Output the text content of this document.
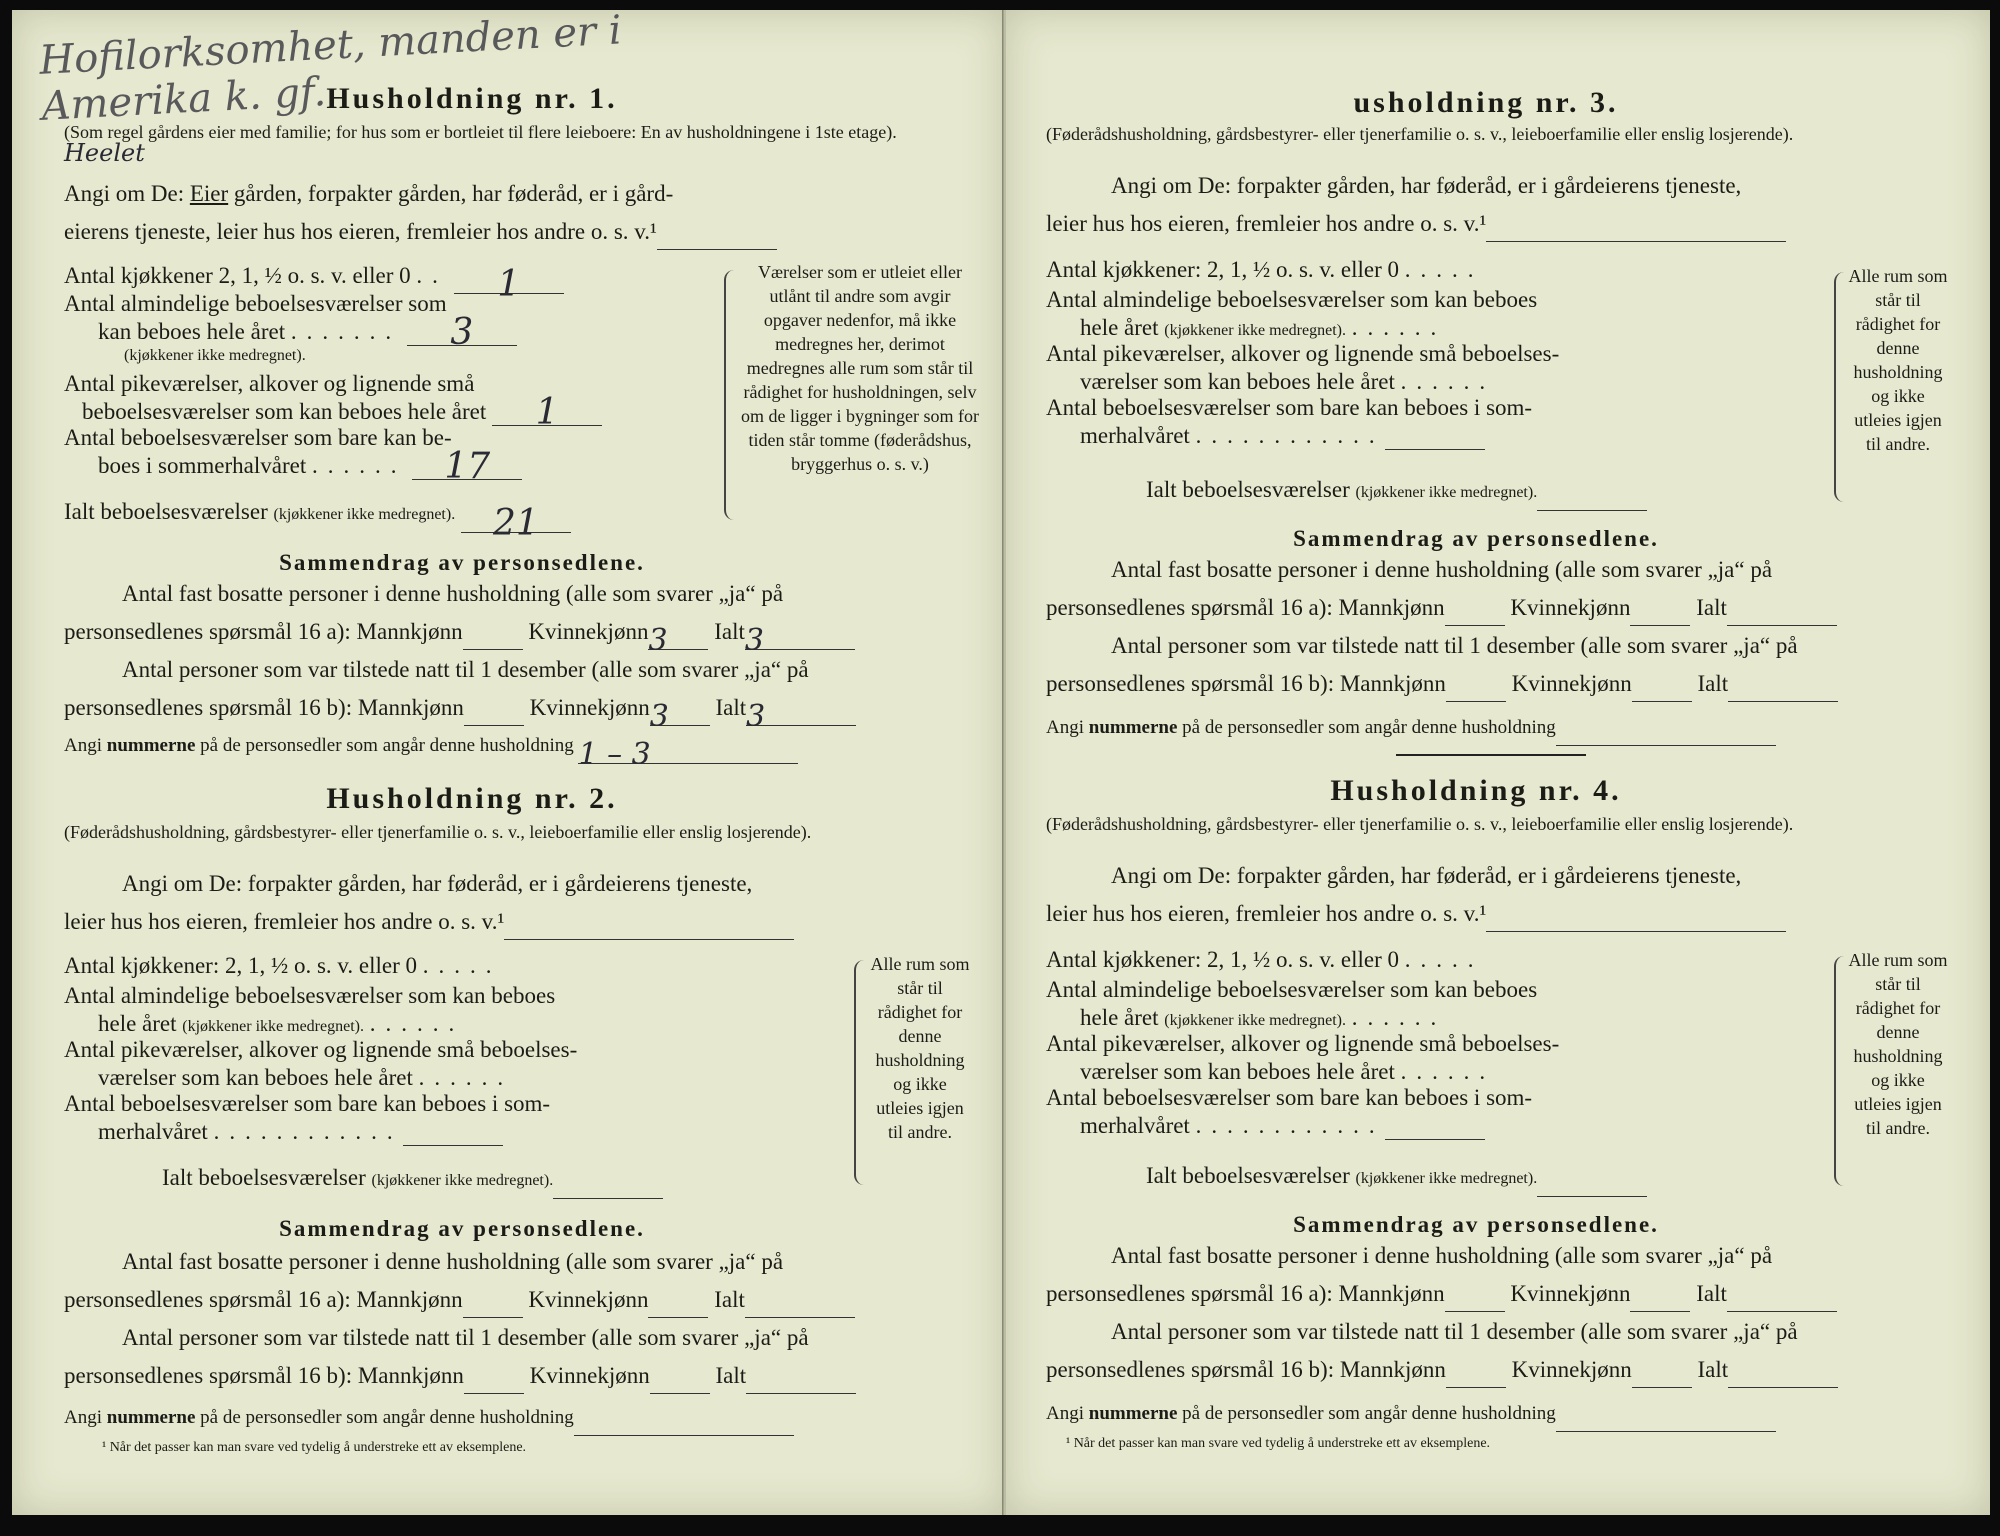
Hofilorksomhet, manden er i Amerika k. gf. Husholdning nr. 1.
(Som regel gårdens eier med familie; for hus som er bortleiet til flere leieboere: En av husholdningene i 1ste etage). Heelet
Angi om De: Eier gården, forpakter gården, har føderåd, er i gård-
eierens tjeneste, leier hus hos eieren, fremleier hos andre o. s. v.¹
Antal kjøkkener 2, 1, ½ o. s. v. eller 0 .. 1
Antal almindelige beboelsesværelser som
kan beboes hele året ....... 3
(kjøkkener ikke medregnet).
Antal pikeværelser, alkover og lignende små
beboelsesværelser som kan beboes hele året 1
Antal beboelsesværelser som bare kan be-
boes i sommerhalvåret ...... 17
Ialt beboelsesværelser (kjøkkener ikke medregnet). 21
Værelser som er utleiet eller utlånt til andre som avgir opgaver nedenfor, må ikke medregnes her, derimot medregnes alle rum som står til rådighet for husholdningen, selv om de ligger i bygninger som for tiden står tomme (føderådshus, bryggerhus o. s. v.)
Sammendrag av personsedlene.
Antal fast bosatte personer i denne husholdning (alle som svarer „ja“ på
personsedlenes spørsmål 16 a): Mannkjønn	Kvinnekjønn3 Ialt3
Antal personer som var tilstede natt til 1 desember (alle som svarer „ja“ på
personsedlenes spørsmål 16 b): Mannkjønn	Kvinnekjønn3 Ialt3
Angi nummerne på de personsedler som angår denne husholdning 1 – 3
Husholdning nr. 2.
(Føderådshusholdning, gårdsbestyrer- eller tjenerfamilie o. s. v., leieboerfamilie eller enslig losjerende).
Angi om De: forpakter gården, har føderåd, er i gårdeierens tjeneste,
leier hus hos eieren, fremleier hos andre o. s. v.¹
Antal kjøkkener: 2, 1, ½ o. s. v. eller 0 .....
Antal almindelige beboelsesværelser som kan beboes
hele året (kjøkkener ikke medregnet). ......
Antal pikeværelser, alkover og lignende små beboelses-
værelser som kan beboes hele året ......
Antal beboelsesværelser som bare kan beboes i som-
merhalvåret ............
Ialt beboelsesværelser (kjøkkener ikke medregnet).
Alle rum som står til rådighet for denne husholdning og ikke utleies igjen til andre.
Sammendrag av personsedlene.
Antal fast bosatte personer i denne husholdning (alle som svarer „ja“ på
personsedlenes spørsmål 16 a): Mannkjønn	Kvinnekjønn	Ialt
Antal personer som var tilstede natt til 1 desember (alle som svarer „ja“ på
personsedlenes spørsmål 16 b): Mannkjønn	Kvinnekjønn	Ialt
Angi nummerne på de personsedler som angår denne husholdning
¹ Når det passer kan man svare ved tydelig å understreke ett av eksemplene.
usholdning nr. 3.
(Føderådshusholdning, gårdsbestyrer- eller tjenerfamilie o. s. v., leieboerfamilie eller enslig losjerende).
Angi om De: forpakter gården, har føderåd, er i gårdeierens tjeneste,
leier hus hos eieren, fremleier hos andre o. s. v.¹
Antal kjøkkener: 2, 1, ½ o. s. v. eller 0 .....
Antal almindelige beboelsesværelser som kan beboes
hele året (kjøkkener ikke medregnet). ......
Antal pikeværelser, alkover og lignende små beboelses-
værelser som kan beboes hele året ......
Antal beboelsesværelser som bare kan beboes i som-
merhalvåret ............
Ialt beboelsesværelser (kjøkkener ikke medregnet).
Alle rum som står til rådighet for denne husholdning og ikke utleies igjen til andre.
Sammendrag av personsedlene.
Antal fast bosatte personer i denne husholdning (alle som svarer „ja“ på
personsedlenes spørsmål 16 a): Mannkjønn	Kvinnekjønn	Ialt
Antal personer som var tilstede natt til 1 desember (alle som svarer „ja“ på
personsedlenes spørsmål 16 b): Mannkjønn	Kvinnekjønn	Ialt
Angi nummerne på de personsedler som angår denne husholdning
Husholdning nr. 4.
(Føderådshusholdning, gårdsbestyrer- eller tjenerfamilie o. s. v., leieboerfamilie eller enslig losjerende).
Angi om De: forpakter gården, har føderåd, er i gårdeierens tjeneste,
leier hus hos eieren, fremleier hos andre o. s. v.¹
Antal kjøkkener: 2, 1, ½ o. s. v. eller 0 .....
Antal almindelige beboelsesværelser som kan beboes
hele året (kjøkkener ikke medregnet). ......
Antal pikeværelser, alkover og lignende små beboelses-
værelser som kan beboes hele året ......
Antal beboelsesværelser som bare kan beboes i som-
merhalvåret ............
Ialt beboelsesværelser (kjøkkener ikke medregnet).
Alle rum som står til rådighet for denne husholdning og ikke utleies igjen til andre.
Sammendrag av personsedlene.
Antal fast bosatte personer i denne husholdning (alle som svarer „ja“ på
personsedlenes spørsmål 16 a): Mannkjønn	Kvinnekjønn	Ialt
Antal personer som var tilstede natt til 1 desember (alle som svarer „ja“ på
personsedlenes spørsmål 16 b): Mannkjønn	Kvinnekjønn	Ialt
Angi nummerne på de personsedler som angår denne husholdning
¹ Når det passer kan man svare ved tydelig å understreke ett av eksemplene.
